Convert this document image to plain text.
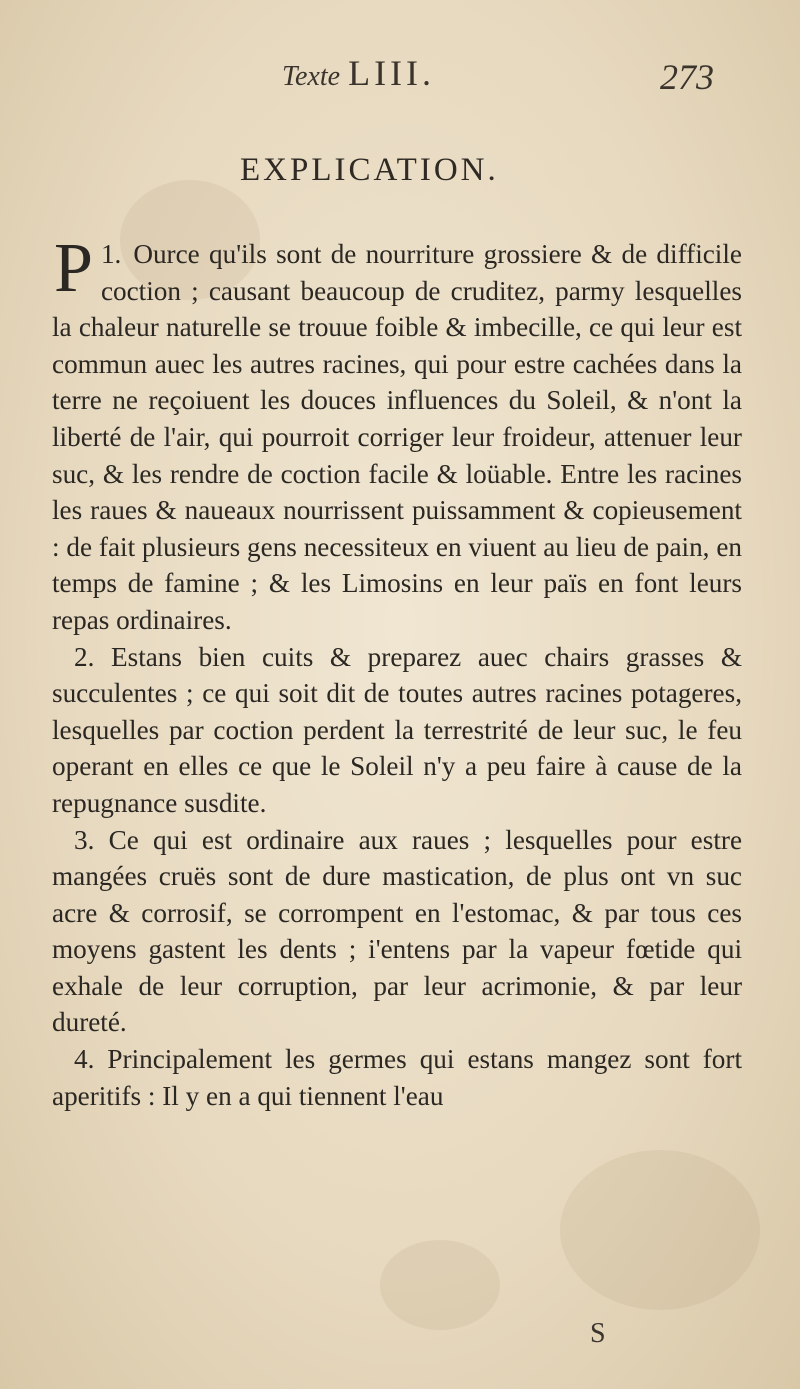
Texte LIII.	273
EXPLICATION.

1.
P Ource qu'ils sont de nourriture grossiere & de difficile coction ; causant beaucoup de cruditez, parmy lesquelles la chaleur naturelle se trouue foible & imbecille, ce qui leur est commun auec les autres racines, qui pour estre cachées dans la terre ne reçoiuent les douces influences du Soleil, & n'ont la liberté de l'air, qui pourroit corriger leur froideur, attenuer leur suc, & les rendre de coction facile & loüable. Entre les racines les raues & naueaux nourrissent puissamment & copieusement : de fait plusieurs gens necessiteux en viuent au lieu de pain, en temps de famine ; & les Limosins en leur païs en font leurs repas ordinaires.

2. Estans bien cuits & preparez auec chairs grasses & succulentes ; ce qui soit dit de toutes autres racines potageres, lesquelles par coction perdent la terrestrité de leur suc, le feu operant en elles ce que le Soleil n'y a peu faire à cause de la repugnance susdite.

3. Ce qui est ordinaire aux raues ; lesquelles pour estre mangées cruës sont de dure mastication, de plus ont vn suc acre & corrosif, se corrompent en l'estomac, & par tous ces moyens gastent les dents ; i'entens par la vapeur fœtide qui exhale de leur corruption, par leur acrimonie, & par leur dureté.

4. Principalement les germes qui estans mangez sont fort aperitifs : Il y en a qui tiennent l'eau

S
